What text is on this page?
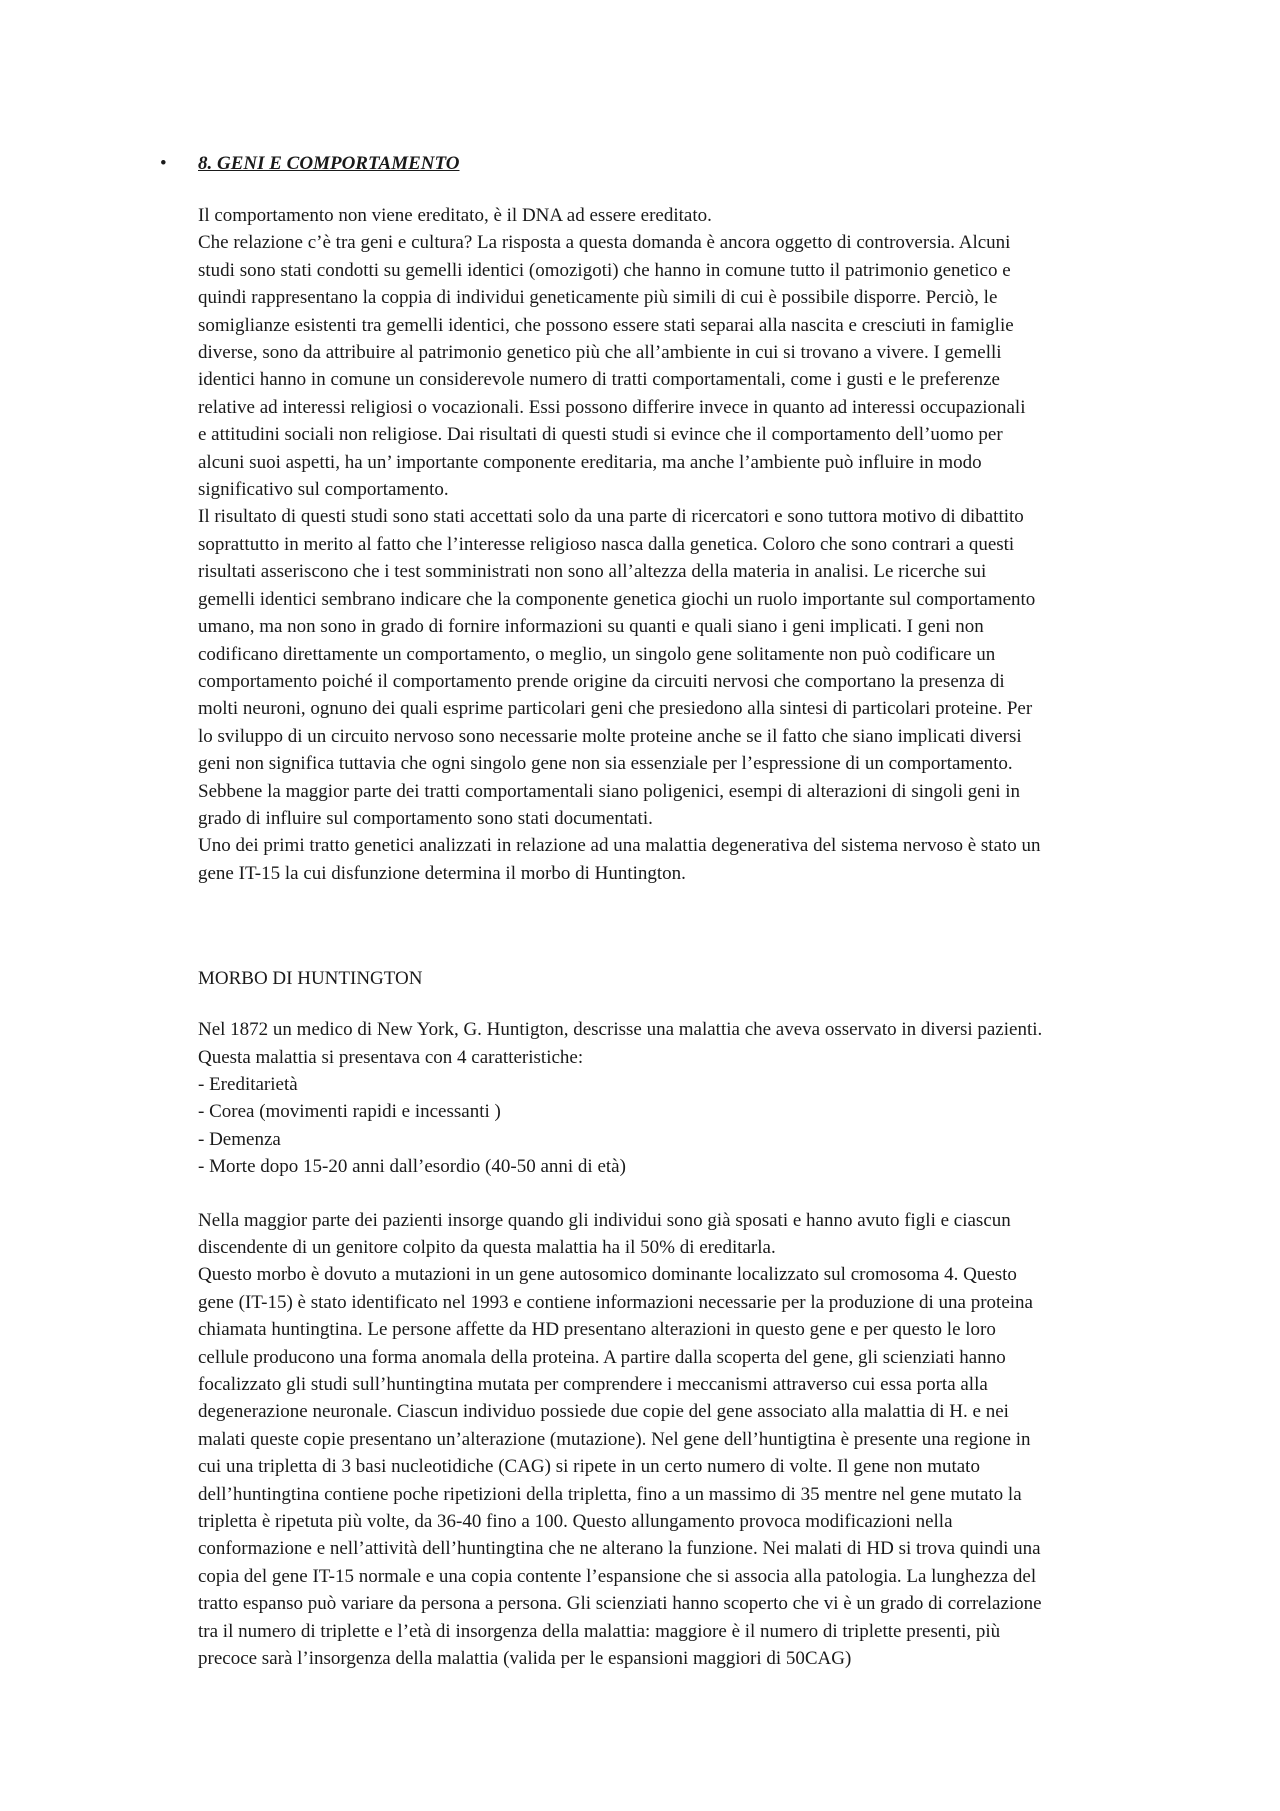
• 8. GENI E COMPORTAMENTO
Il comportamento non viene ereditato, è il DNA ad essere ereditato.
Che relazione c’è tra geni e cultura? La risposta a questa domanda è ancora oggetto di controversia. Alcuni
studi sono stati condotti su gemelli identici (omozigoti) che hanno in comune tutto il patrimonio genetico e
quindi rappresentano la coppia di individui geneticamente più simili di cui è possibile disporre. Perciò, le
somiglianze esistenti tra gemelli identici, che possono essere stati separai alla nascita e cresciuti in famiglie
diverse, sono da attribuire al patrimonio genetico più che all’ambiente in cui si trovano a vivere. I gemelli
identici hanno in comune un considerevole numero di tratti comportamentali, come i gusti e le preferenze
relative ad interessi religiosi o vocazionali. Essi possono differire invece in quanto ad interessi occupazionali
e attitudini sociali non religiose. Dai risultati di questi studi si evince che il comportamento dell’uomo per
alcuni suoi aspetti, ha un’ importante componente ereditaria, ma anche l’ambiente può influire in modo
significativo sul comportamento.
Il risultato di questi studi sono stati accettati solo da una parte di ricercatori e sono tuttora motivo di dibattito
soprattutto in merito al fatto che l’interesse religioso nasca dalla genetica. Coloro che sono contrari a questi
risultati asseriscono che i test somministrati non sono all’altezza della materia in analisi. Le ricerche sui
gemelli identici sembrano indicare che la componente genetica giochi un ruolo importante sul comportamento
umano, ma non sono in grado di fornire informazioni su quanti e quali siano i geni implicati. I geni non
codificano direttamente un comportamento, o meglio, un singolo gene solitamente non può codificare un
comportamento poiché il comportamento prende origine da circuiti nervosi che comportano la presenza di
molti neuroni, ognuno dei quali esprime particolari geni che presiedono alla sintesi di particolari proteine. Per
lo sviluppo di un circuito nervoso sono necessarie molte proteine anche se il fatto che siano implicati diversi
geni non significa tuttavia che ogni singolo gene non sia essenziale per l’espressione di un comportamento.
Sebbene la maggior parte dei tratti comportamentali siano poligenici, esempi di alterazioni di singoli geni in
grado di influire sul comportamento sono stati documentati.
Uno dei primi tratto genetici analizzati in relazione ad una malattia degenerativa del sistema nervoso è stato un
gene IT-15 la cui disfunzione determina il morbo di Huntington.
MORBO DI HUNTINGTON
Nel 1872 un medico di New York, G. Huntigton, descrisse una malattia che aveva osservato in diversi pazienti.
Questa malattia si presentava con 4 caratteristiche:
- Ereditarietà
- Corea (movimenti rapidi e incessanti )
- Demenza
- Morte dopo 15-20 anni dall’esordio (40-50 anni di età)
Nella maggior parte dei pazienti insorge quando gli individui sono già sposati e hanno avuto figli e ciascun
discendente di un genitore colpito da questa malattia ha il 50% di ereditarla.
Questo morbo è dovuto a mutazioni in un gene autosomico dominante localizzato sul cromosoma 4. Questo
gene (IT-15) è stato identificato nel 1993 e contiene informazioni necessarie per la produzione di una proteina
chiamata huntingtina. Le persone affette da HD presentano alterazioni in questo gene e per questo le loro
cellule producono una forma anomala della proteina. A partire dalla scoperta del gene, gli scienziati hanno
focalizzato gli studi sull’huntingtina mutata per comprendere i meccanismi attraverso cui essa porta alla
degenerazione neuronale. Ciascun individuo possiede due copie del gene associato alla malattia di H. e nei
malati queste copie presentano un’alterazione (mutazione). Nel gene dell’huntigtina è presente una regione in
cui una tripletta di 3 basi nucleotidiche (CAG) si ripete in un certo numero di volte. Il gene non mutato
dell’huntingtina contiene poche ripetizioni della tripletta, fino a un massimo di 35 mentre nel gene mutato la
tripletta è ripetuta più volte, da 36-40 fino a 100. Questo allungamento provoca modificazioni nella
conformazione e nell’attività dell’huntingtina che ne alterano la funzione. Nei malati di HD si trova quindi una
copia del gene IT-15 normale e una copia contente l’espansione che si associa alla patologia. La lunghezza del
tratto espanso può variare da persona a persona. Gli scienziati hanno scoperto che vi è un grado di correlazione
tra il numero di triplette e l’età di insorgenza della malattia: maggiore è il numero di triplette presenti, più
precoce sarà l’insorgenza della malattia (valida per le espansioni maggiori di 50CAG)
